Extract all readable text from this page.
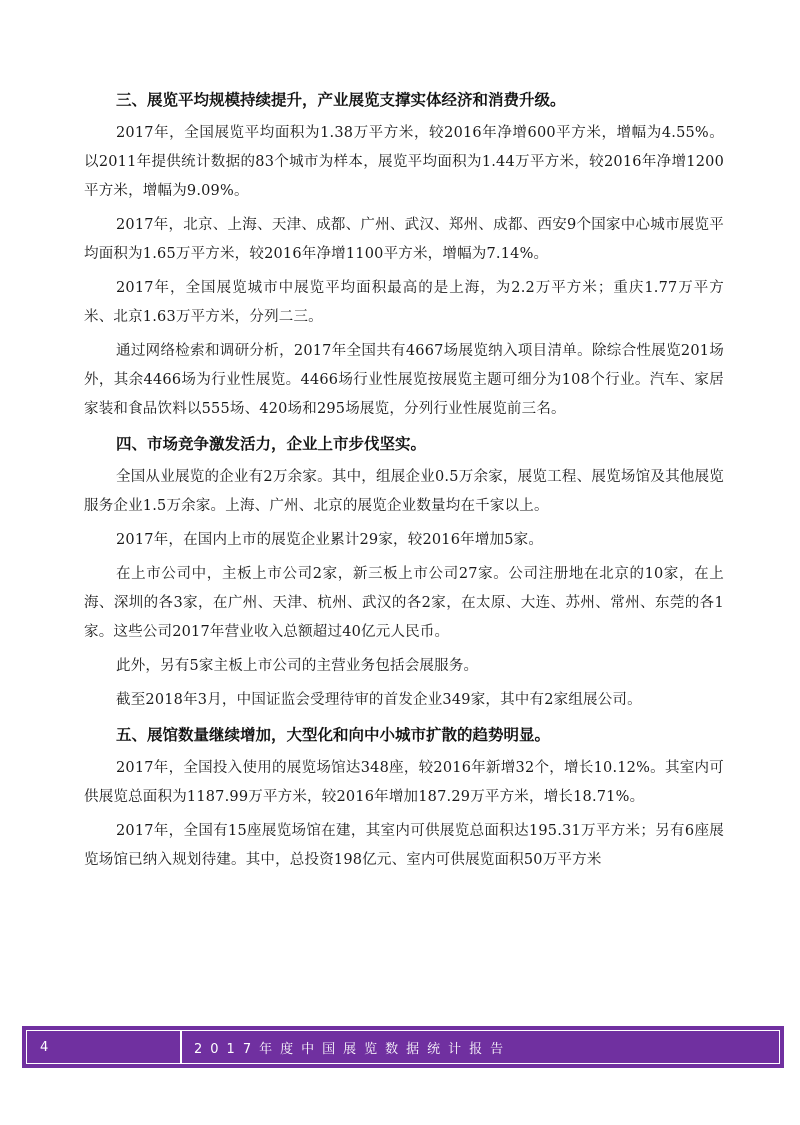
三、展览平均规模持续提升，产业展览支撑实体经济和消费升级。

2017年，全国展览平均面积为1.38万平方米，较2016年净增600平方米，增幅为4.55%。以2011年提供统计数据的83个城市为样本，展览平均面积为1.44万平方米，较2016年净增1200平方米，增幅为9.09%。

2017年，北京、上海、天津、成都、广州、武汉、郑州、成都、西安9个国家中心城市展览平均面积为1.65万平方米，较2016年净增1100平方米，增幅为7.14%。

2017年，全国展览城市中展览平均面积最高的是上海，为2.2万平方米；重庆1.77万平方米、北京1.63万平方米，分列二三。

通过网络检索和调研分析，2017年全国共有4667场展览纳入项目清单。除综合性展览201场外，其余4466场为行业性展览。4466场行业性展览按展览主题可细分为108个行业。汽车、家居家装和食品饮料以555场、420场和295场展览，分列行业性展览前三名。

四、市场竞争激发活力，企业上市步伐坚实。

全国从业展览的企业有2万余家。其中，组展企业0.5万余家，展览工程、展览场馆及其他展览服务企业1.5万余家。上海、广州、北京的展览企业数量均在千家以上。

2017年，在国内上市的展览企业累计29家，较2016年增加5家。

在上市公司中，主板上市公司2家，新三板上市公司27家。公司注册地在北京的10家，在上海、深圳的各3家，在广州、天津、杭州、武汉的各2家，在太原、大连、苏州、常州、东莞的各1家。这些公司2017年营业收入总额超过40亿元人民币。

此外，另有5家主板上市公司的主营业务包括会展服务。

截至2018年3月，中国证监会受理待审的首发企业349家，其中有2家组展公司。

五、展馆数量继续增加，大型化和向中小城市扩散的趋势明显。

2017年，全国投入使用的展览场馆达348座，较2016年新增32个，增长10.12%。其室内可供展览总面积为1187.99万平方米，较2016年增加187.29万平方米，增长18.71%。

2017年，全国有15座展览场馆在建，其室内可供展览总面积达195.31万平方米；另有6座展览场馆已纳入规划待建。其中，总投资198亿元、室内可供展览面积50万平方米

4	2017年度中国展览数据统计报告
